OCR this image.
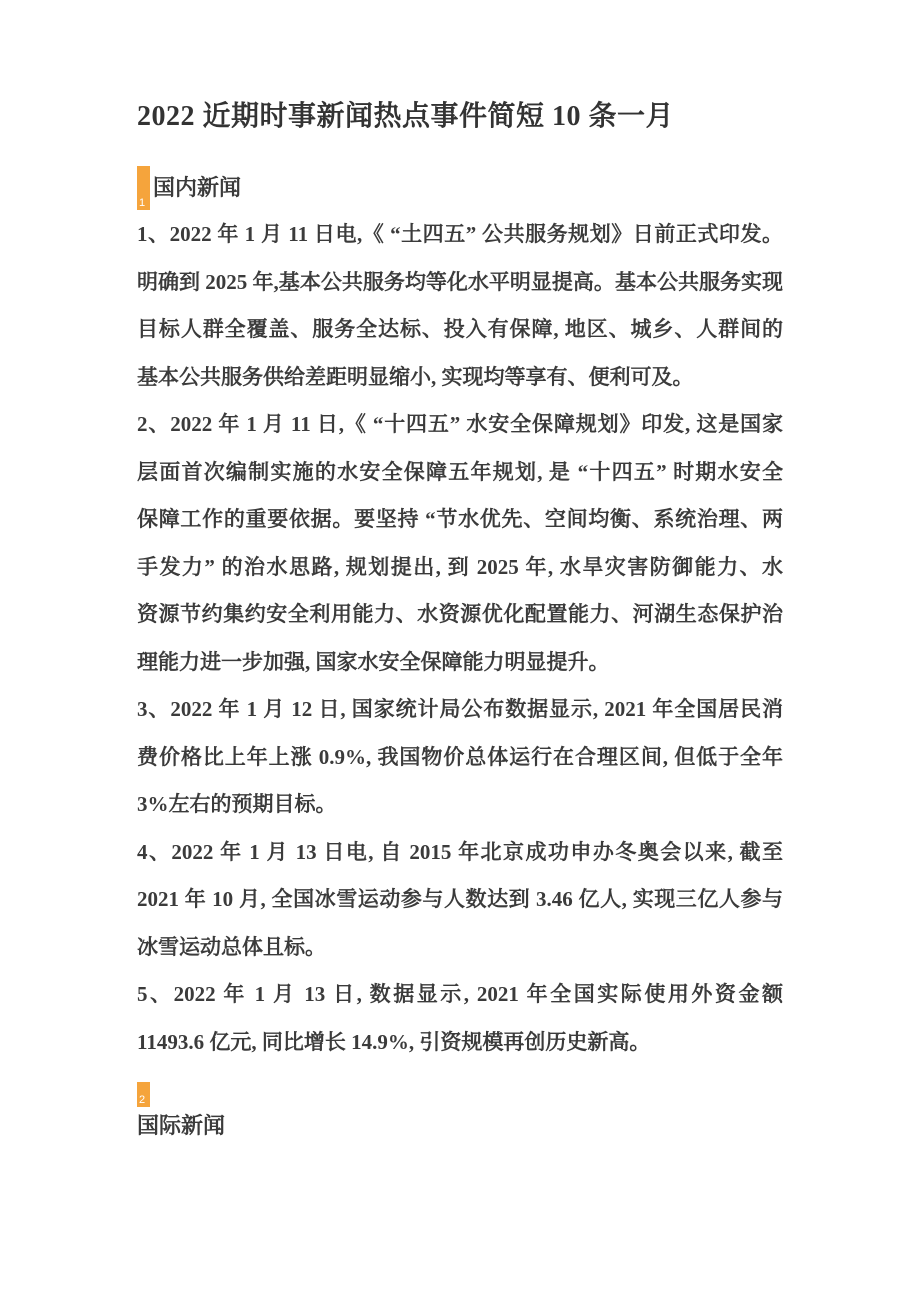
2022 近期时事新闻热点事件简短 10 条一月
1
国内新闻
1、2022 年 1 月 11 日电,《 “土四五” 公共服务规划》日前正式印发。
明确到 2025 年,基本公共服务均等化水平明显提高。基本公共服务实现
目标人群全覆盖、服务全达标、投入有保障, 地区、城乡、人群间的
基本公共服务供给差距明显缩小, 实现均等享有、便利可及。
2、2022 年 1 月 11 日,《 “十四五” 水安全保障规划》印发, 这是国家
层面首次编制实施的水安全保障五年规划, 是 “十四五” 时期水安全
保障工作的重要依据。要坚持 “节水优先、空间均衡、系统治理、两
手发力” 的治水思路, 规划提出, 到 2025 年, 水旱灾害防御能力、水
资源节约集约安全利用能力、水资源优化配置能力、河湖生态保护治
理能力进一步加强, 国家水安全保障能力明显提升。
3、2022 年 1 月 12 日, 国家统计局公布数据显示, 2021 年全国居民消
费价格比上年上涨 0.9%, 我国物价总体运行在合理区间, 但低于全年
3%左右的预期目标。
4、2022 年 1 月 13 日电, 自 2015 年北京成功申办冬奥会以来, 截至
2021 年 10 月, 全国冰雪运动参与人数达到 3.46 亿人, 实现三亿人参与
冰雪运动总体且标。
5、2022 年 1 月 13 日, 数据显示, 2021 年全国实际使用外资金额
11493.6 亿元, 同比增长 14.9%, 引资规模再创历史新高。
2
国际新闻
